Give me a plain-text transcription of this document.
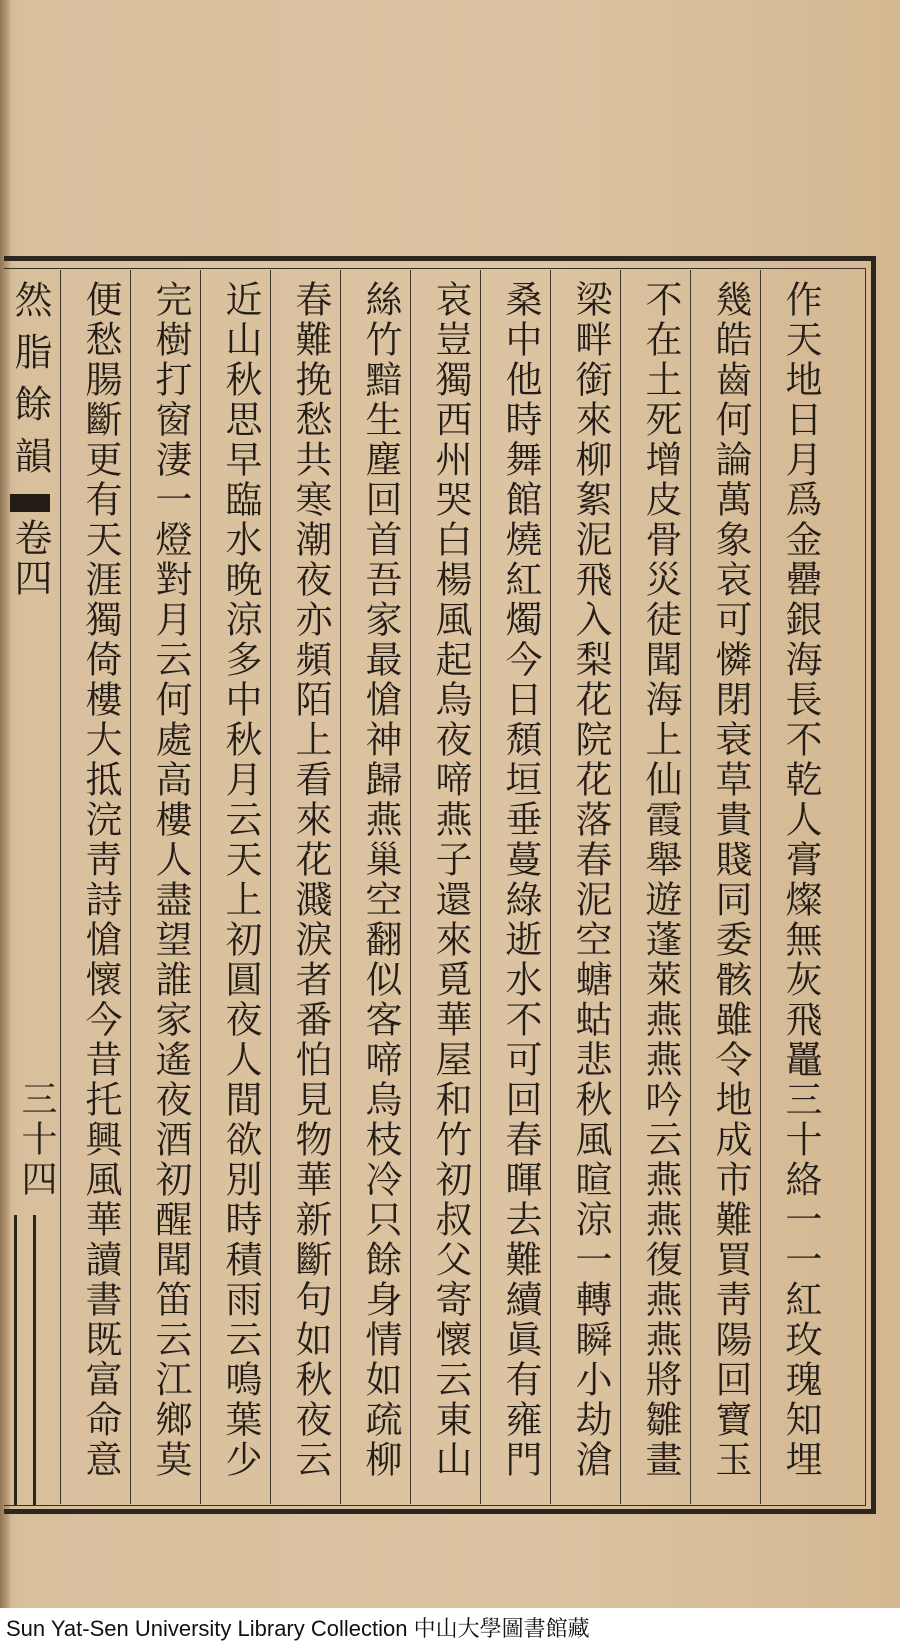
作天地日月爲金罍銀海長不乾人膏燦無灰飛鼉三十絡一一紅玫瑰知埋
幾皓齒何論萬象哀可憐閉衰草貴賤同委骸雖令地成市難買靑陽回寶玉
不在土死增皮骨災徒聞海上仙霞舉遊蓬萊燕燕吟云燕燕復燕燕將雛畫
梁畔銜來柳絮泥飛入梨花院花落春泥空螗蛄悲秋風暄涼一轉瞬小劫滄
桑中他時舞館燒紅燭今日頹垣垂蔓綠逝水不可回春暉去難續眞有雍門
哀豈獨西州哭白楊風起烏夜啼燕子還來覓華屋和竹初叔父寄懷云東山
絲竹黯生塵回首吾家最愴神歸燕巢空翻似客啼烏枝冷只餘身情如疏柳
春難挽愁共寒潮夜亦頻陌上看來花濺淚者番怕見物華新斷句如秋夜云
近山秋思早臨水晚涼多中秋月云天上初圓夜人間欲別時積雨云鳴葉少
完樹打窗淒一燈對月云何處高樓人盡望誰家遙夜酒初醒聞笛云江鄉莫
便愁腸斷更有天涯獨倚樓大抵浣靑詩愴懷今昔托興風華讀書既富命意
然脂餘韻卷四
三十四
Sun Yat-Sen University Library Collection 中山大學圖書館藏
